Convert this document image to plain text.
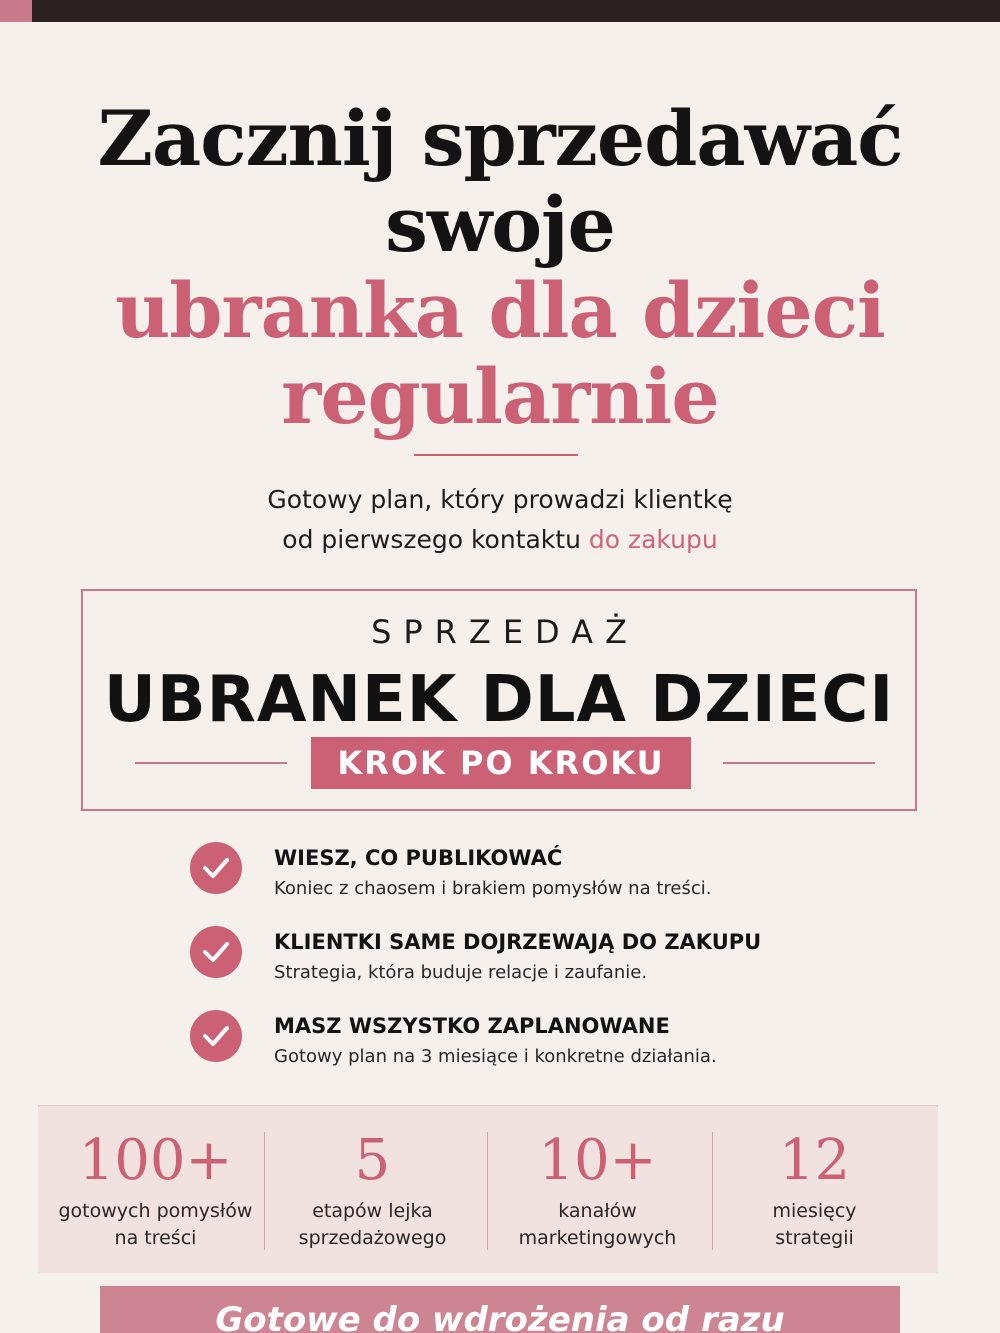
Zacznij sprzedawać
swoje
ubranka dla dzieci
regularnie
Gotowy plan, który prowadzi klientkę
od pierwszego kontaktu do zakupu
SPRZEDAŻ
UBRANEK DLA DZIECI
KROK PO KROKU
WIESZ, CO PUBLIKOWAĆ
Koniec z chaosem i brakiem pomysłów na treści.
KLIENTKI SAME DOJRZEWAJĄ DO ZAKUPU
Strategia, która buduje relacje i zaufanie.
MASZ WSZYSTKO ZAPLANOWANE
Gotowy plan na 3 miesiące i konkretne działania.
100+
gotowych pomysłów
na treści
5
etapów lejka
sprzedażowego
10+
kanałów
marketingowych
12
miesięcy
strategii
Gotowe do wdrożenia od razu
